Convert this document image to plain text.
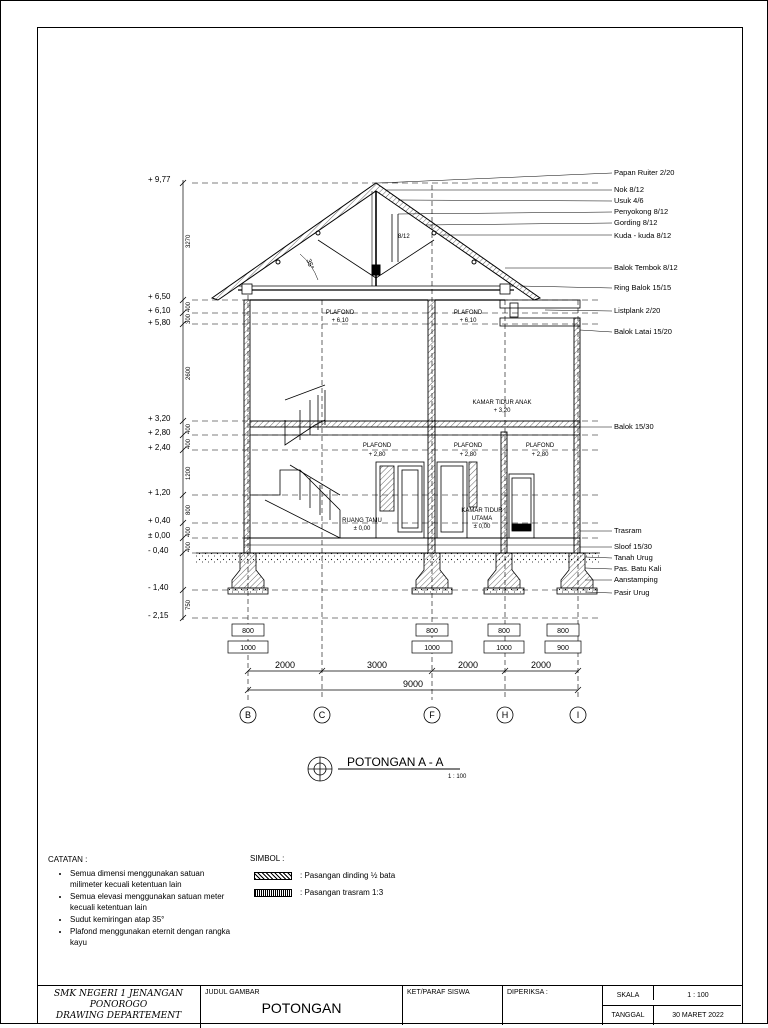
+ 9,77
+ 6,50
+ 6,10
+ 5,80
+ 3,20
+ 2,80
+ 2,40
+ 1,20
+ 0,40
± 0,00
- 0,40
- 1,40
- 2,15
3270
400
300
2600
400
400
1200
800
400
400
750
35°
8/12
PLAFOND
+ 6,10
PLAFOND
+ 6,10
KAMAR TIDUR ANAK
+ 3,20
PLAFOND
+ 2,80
PLAFOND
+ 2,80
PLAFOND
+ 2,80
RUANG TAMU
± 0,00
KAMAR TIDUR
UTAMA
± 0,00
800
1000
800
1000
800
1000
800
900
2000	3000	2000	2000
9000
B	C	F	H	I
Papan Ruiter 2/20
Nok 8/12
Usuk 4/6
Penyokong 8/12
Gording 8/12
Kuda - kuda 8/12
Balok Tembok 8/12
Ring Balok 15/15
Listplank 2/20
Balok Latai 15/20
Balok 15/30
Trasram
Sloof 15/30
Tanah Urug
Pas. Batu Kali
Aanstamping
Pasir Urug
POTONGAN A - A
1 : 100
CATATAN :
• Semua dimensi menggunakan satuan milimeter kecuali ketentuan lain
• Semua elevasi menggunakan satuan meter kecuali ketentuan lain
• Sudut kemiringan atap 35°
• Plafond menggunakan eternit dengan rangka kayu
SIMBOL :
: Pasangan dinding ½ bata
: Pasangan trasram 1:3
SMK NEGERI 1 JENANGAN
PONOROGO
DRAWING DEPARTEMENT
JUDUL GAMBAR
POTONGAN
KET/PARAF SISWA	DIPERIKSA :	SKALA	1 : 100
TANGGAL	30 MARET 2022
